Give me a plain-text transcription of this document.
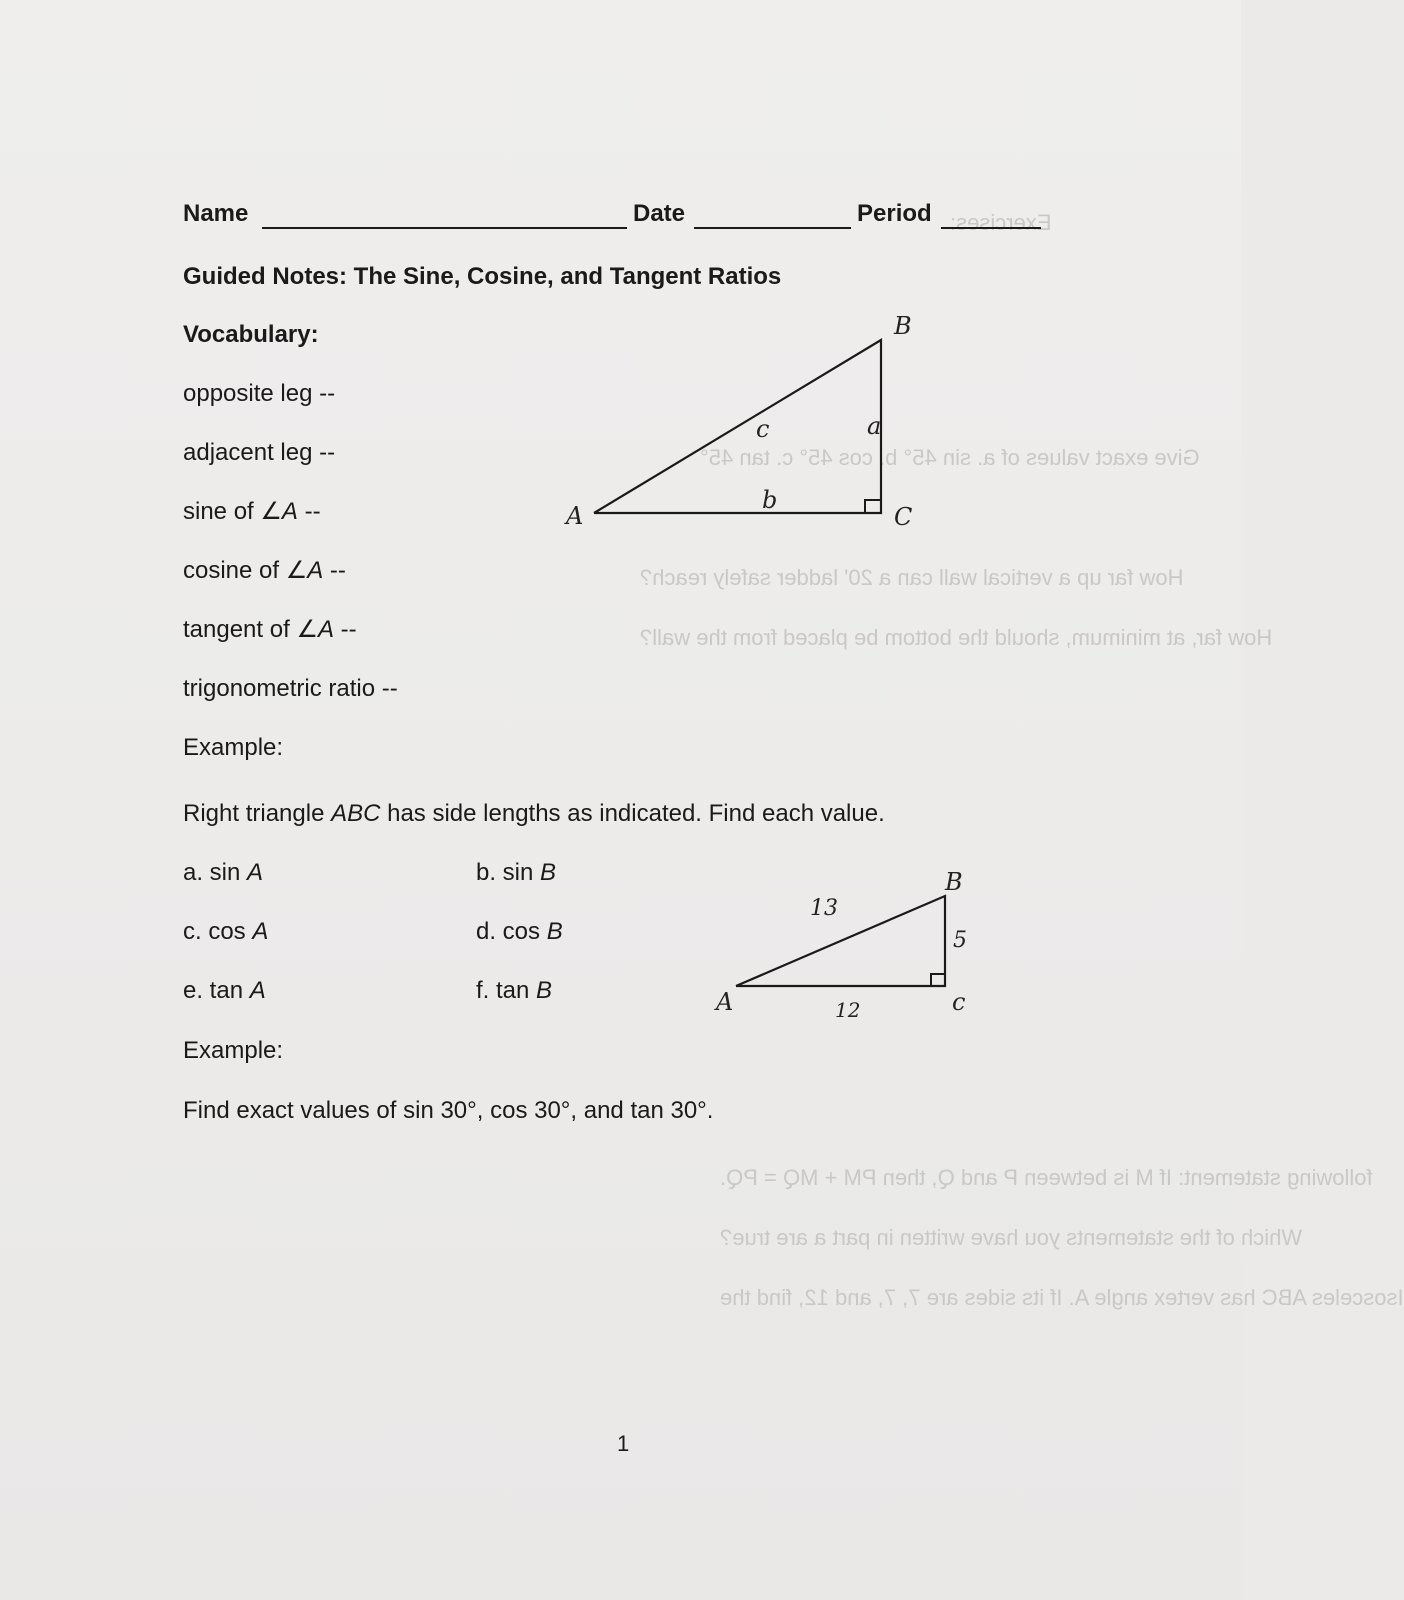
Exercises:
Give exact values of a. sin 45° b. cos 45° c. tan 45°
How far up a vertical wall can a 20' ladder safely reach?
How far, at minimum, should the bottom be placed from the wall?
following statement: If M is between P and Q, then PM + MQ = PQ.
Which of the statements you have written in part a are true?
Isosceles ABC has vertex angle A. If its sides are 7, 7, and 12, find the
Name	Date	Period
Guided Notes: The Sine, Cosine, and Tangent Ratios
Vocabulary:
opposite leg --
adjacent leg --
sine of ∠A --
cosine of ∠A --
tangent of ∠A --
trigonometric ratio --
A
B
C
a
b
c
Example:
Right triangle ABC has side lengths as indicated. Find each value.
a. sin A	b. sin B
c. cos A	d. cos B
e. tan A	f. tan B	A
B
c
13
5
12
Example:
Find exact values of sin 30°, cos 30°, and tan 30°.
1
